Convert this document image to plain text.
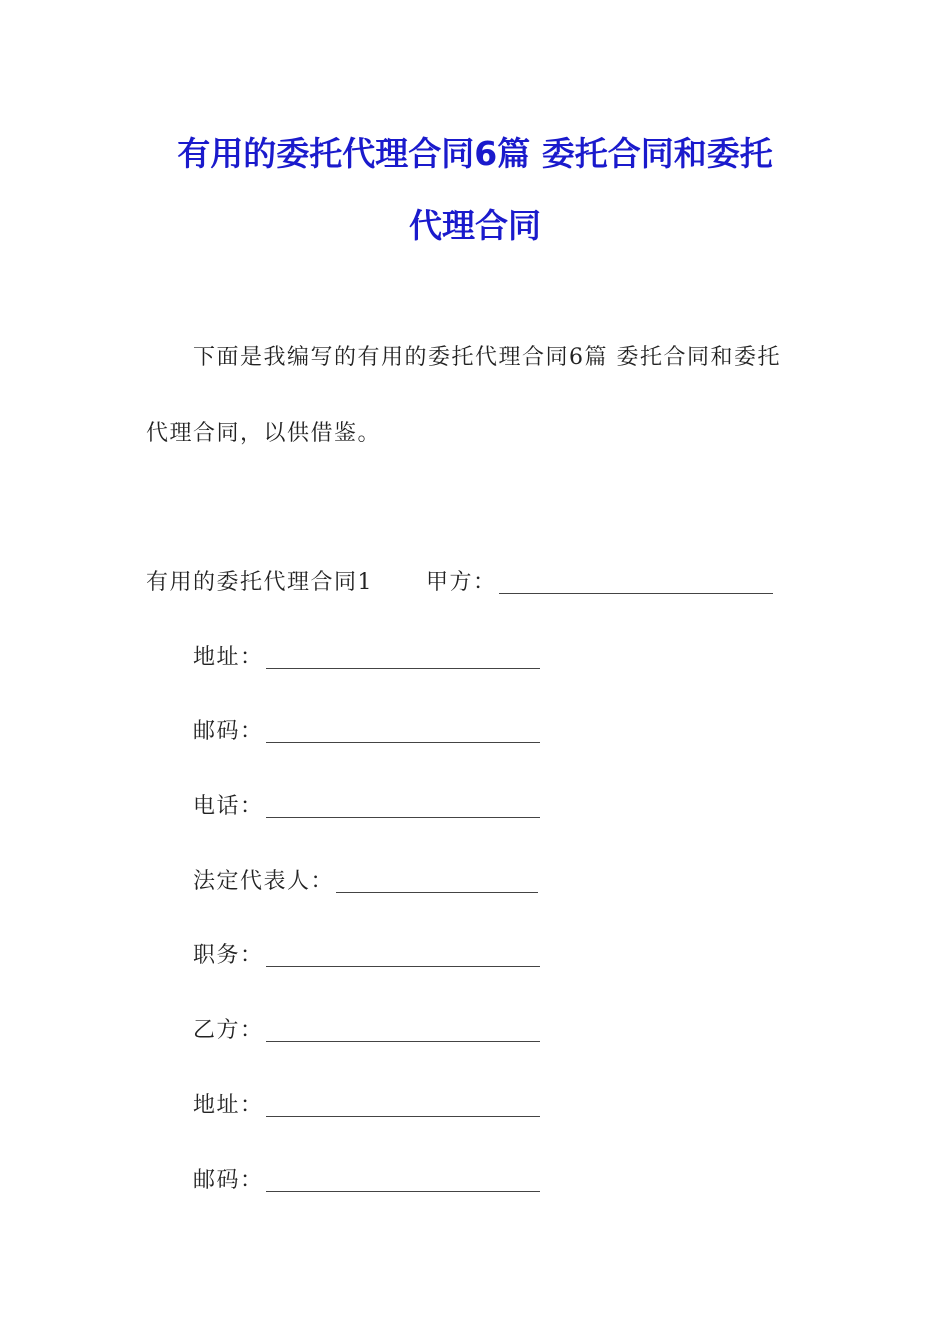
有用的委托代理合同6篇 委托合同和委托
代理合同
下面是我编写的有用的委托代理合同6篇 委托合同和委托
代理合同，以供借鉴。
有用的委托代理合同1 甲方：
地址：
邮码：
电话：
法定代表人：
职务：
乙方：
地址：
邮码：
